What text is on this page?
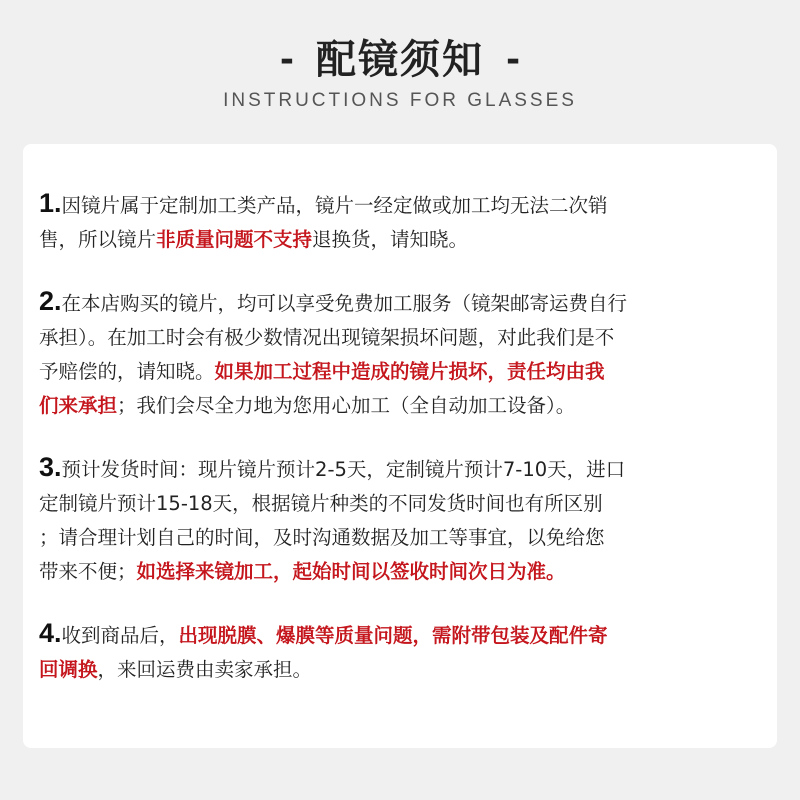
- 配镜须知 -
INSTRUCTIONS FOR GLASSES
1.因镜片属于定制加工类产品，镜片一经定做或加工均无法二次销
售，所以镜片非质量问题不支持退换货，请知晓。
2.在本店购买的镜片，均可以享受免费加工服务（镜架邮寄运费自行
承担）。在加工时会有极少数情况出现镜架损坏问题，对此我们是不
予赔偿的，请知晓。如果加工过程中造成的镜片损坏，责任均由我
们来承担；我们会尽全力地为您用心加工（全自动加工设备）。
3.预计发货时间：现片镜片预计2-5天，定制镜片预计7-10天，进口
定制镜片预计15-18天，根据镜片种类的不同发货时间也有所区别
；请合理计划自己的时间，及时沟通数据及加工等事宜，以免给您
带来不便；如选择来镜加工，起始时间以签收时间次日为准。
4.收到商品后，出现脱膜、爆膜等质量问题，需附带包装及配件寄
回调换，来回运费由卖家承担。
